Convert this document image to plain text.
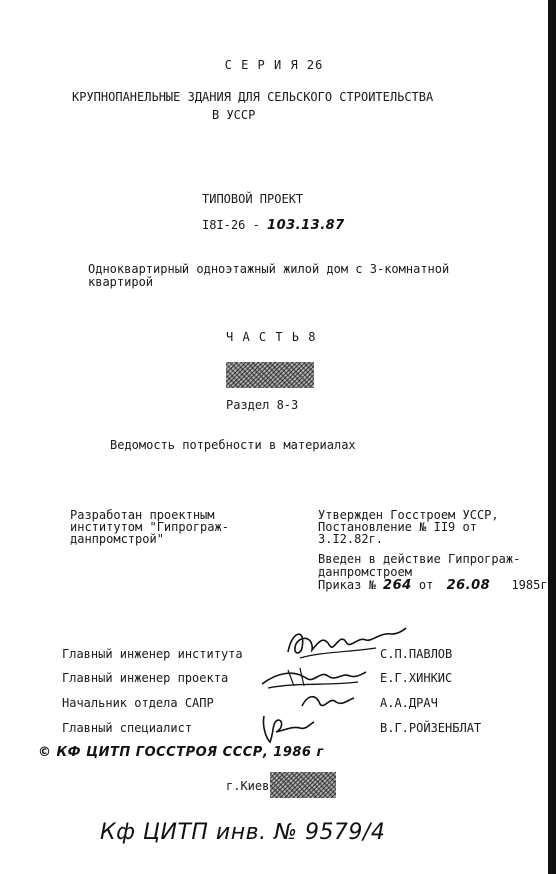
С Е Р И Я 26
КРУПНОПАНЕЛЬНЫЕ ЗДАНИЯ ДЛЯ СЕЛЬСКОГО СТРОИТЕЛЬСТВА
В УССР
ТИПОВОЙ ПРОЕКТ
I8I-26 - 103.13.87
Одноквартирный одноэтажный жилой дом с 3-комнатной
квартирой
Ч А С Т Ь 8
Раздел 8-3
Ведомость потребности в материалах
Разработан проектным
институтом "Гипрограж-
данпромстрой"
Утвержден Госстроем УССР,
Постановление № II9 от
3.I2.82г.
Введен в действие Гипрограж-
данпромстроем
Приказ № 264 от 26.08 1985г
Главный инженер института	С.П.ПАВЛОВ
Главный инженер проекта	Е.Г.ХИНКИС
Начальник отдела САПР	А.А.ДРАЧ
Главный специалист	В.Г.РОЙЗЕНБЛАТ
© КФ ЦИТП ГОССТРОЯ СССР, 1986 г
г.Киев
Кф ЦИТП инв. № 9579/4
